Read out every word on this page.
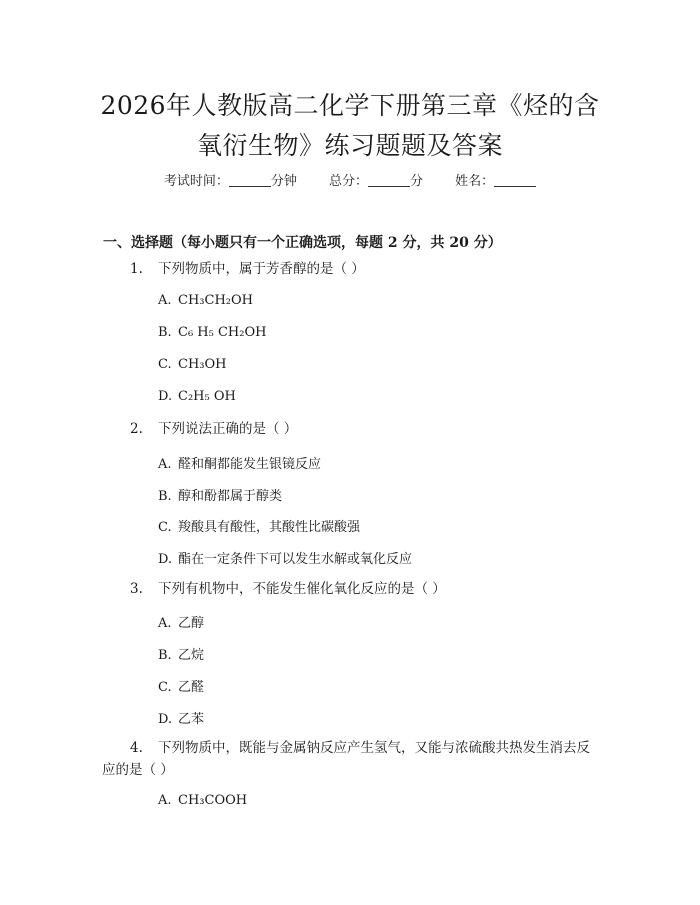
2026年人教版高二化学下册第三章《烃的含
氧衍生物》练习题题及答案
考试时间：	分钟 总分：	分 姓名：
一、选择题（每小题只有一个正确选项，每题 2 分，共 20 分）
1. 下列物质中，属于芳香醇的是（ ）
A. CH₃CH₂OH
B. C₆ H₅ CH₂OH
C. CH₃OH
D. C₂H₅ OH
2. 下列说法正确的是（ ）
A. 醛和酮都能发生银镜反应
B. 醇和酚都属于醇类
C. 羧酸具有酸性，其酸性比碳酸强
D. 酯在一定条件下可以发生水解或氧化反应
3. 下列有机物中，不能发生催化氧化反应的是（ ）
A. 乙醇
B. 乙烷
C. 乙醛
D. 乙苯
4. 下列物质中，既能与金属钠反应产生氢气，又能与浓硫酸共热发生消去反
应的是（ ）
A. CH₃COOH
